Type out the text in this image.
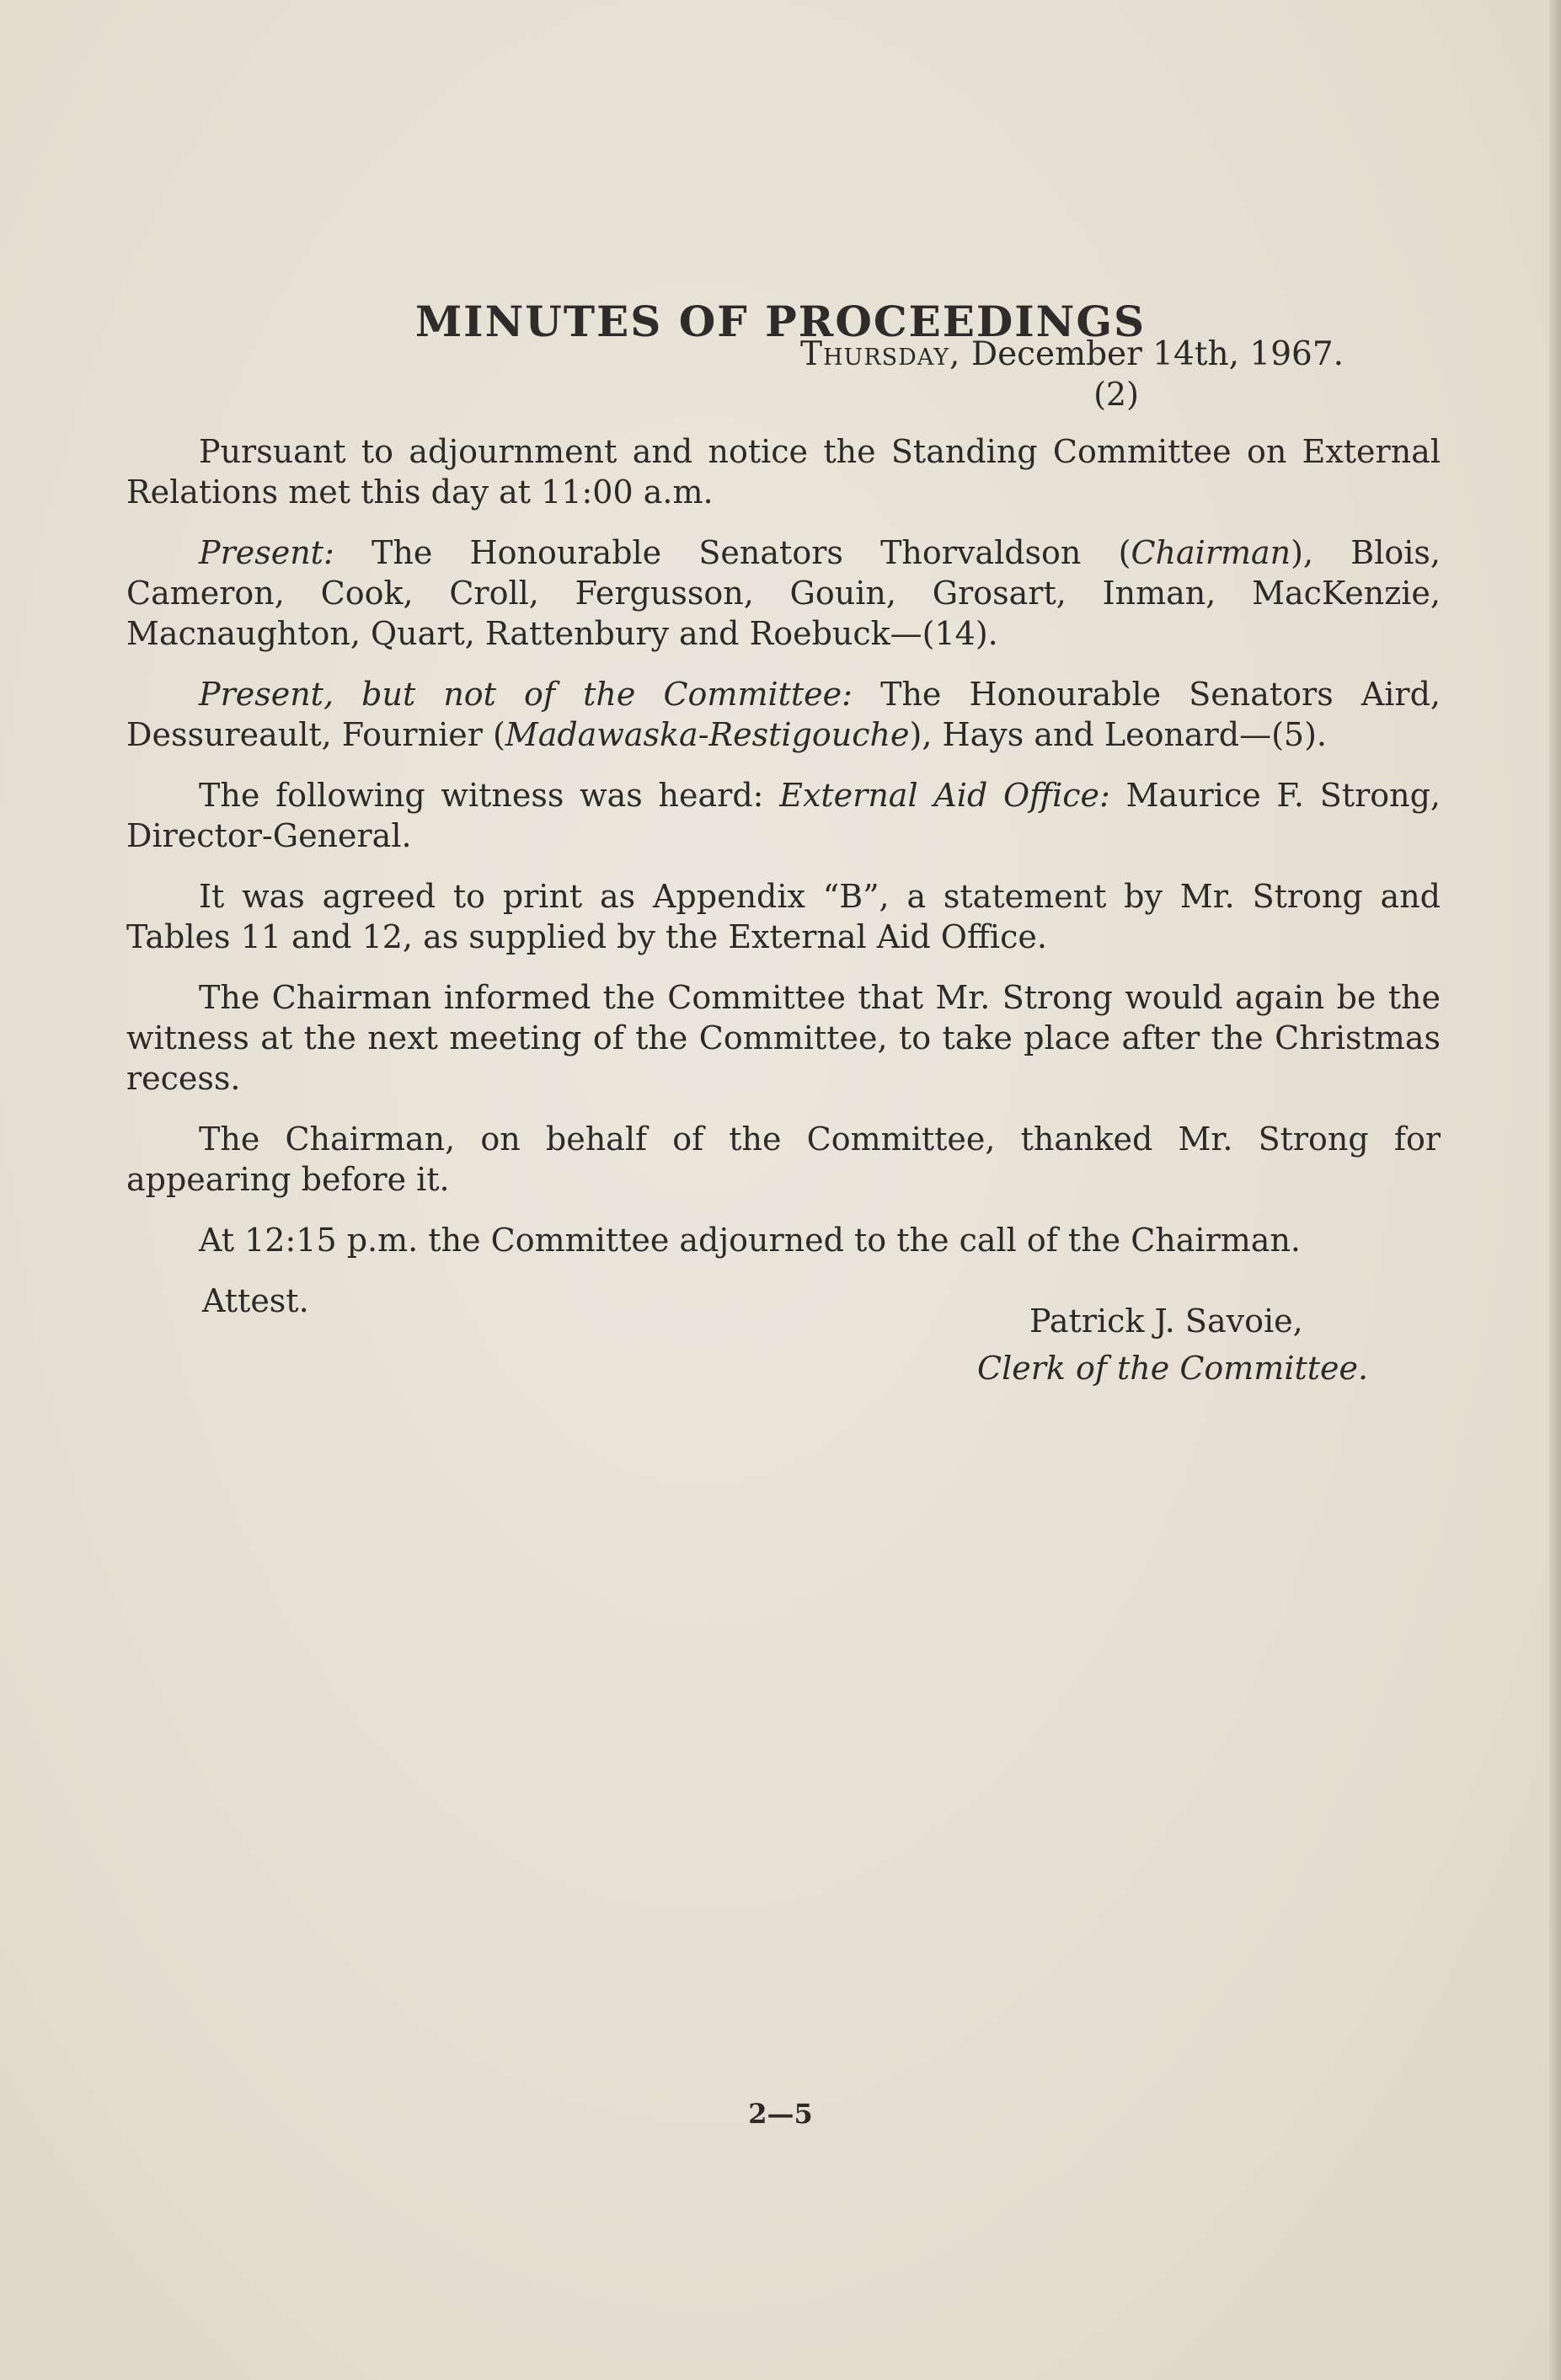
MINUTES OF PROCEEDINGS
Thursday, December 14th, 1967.
(2)

Pursuant to adjournment and notice the Standing Committee on External Relations met this day at 11:00 a.m.

Present: The Honourable Senators Thorvaldson (Chairman), Blois, Cameron, Cook, Croll, Fergusson, Gouin, Grosart, Inman, MacKenzie, Macnaughton, Quart, Rattenbury and Roebuck—(14).

Present, but not of the Committee: The Honourable Senators Aird, Dessureault, Fournier (Madawaska-Restigouche), Hays and Leonard—(5).

The following witness was heard: External Aid Office: Maurice F. Strong, Director-General.

It was agreed to print as Appendix “B”, a statement by Mr. Strong and Tables 11 and 12, as supplied by the External Aid Office.

The Chairman informed the Committee that Mr. Strong would again be the witness at the next meeting of the Committee, to take place after the Christmas recess.

The Chairman, on behalf of the Committee, thanked Mr. Strong for appearing before it.

At 12:15 p.m. the Committee adjourned to the call of the Chairman.

Attest.

Patrick J. Savoie,
Clerk of the Committee.
2—5
